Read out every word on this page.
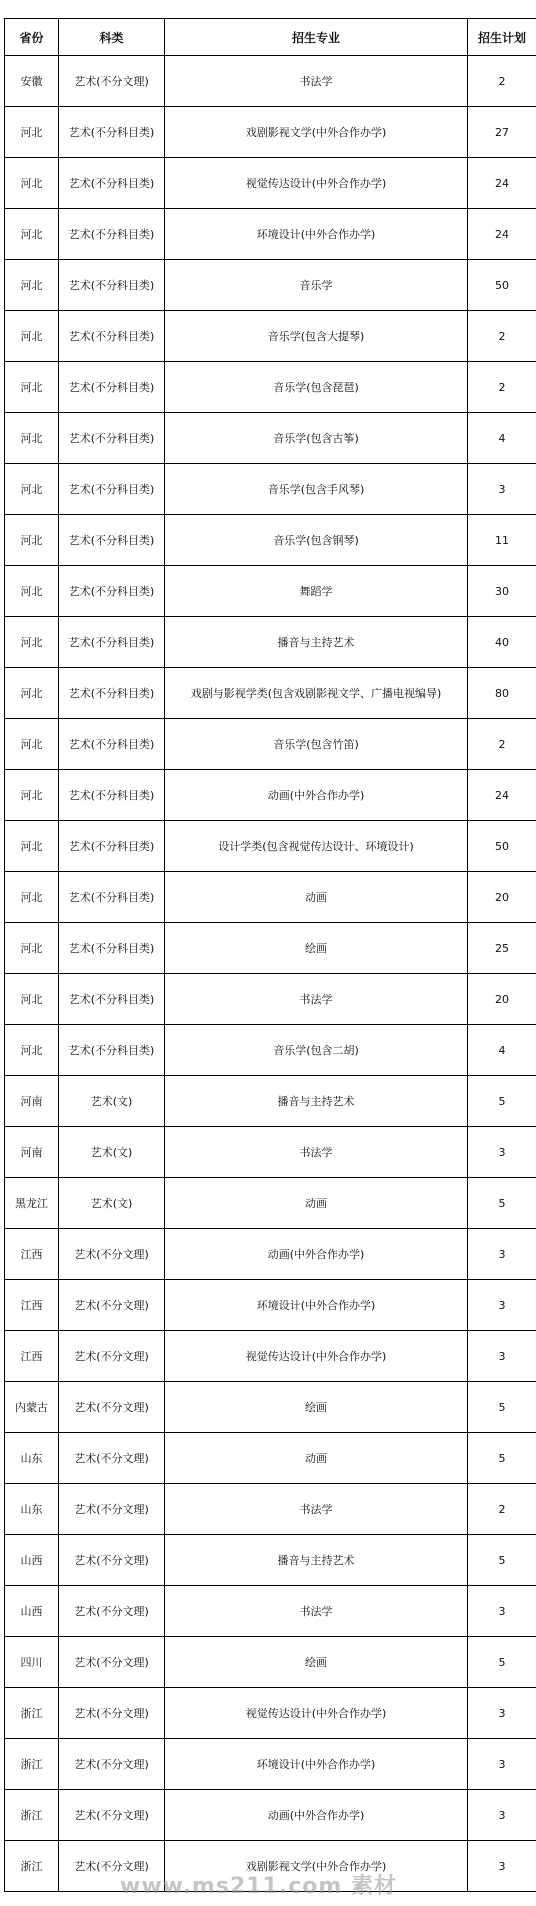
省份	科类	招生专业	招生计划
安徽	艺术(不分文理)	书法学	2
河北	艺术(不分科目类)	戏剧影视文学(中外合作办学)	27
河北	艺术(不分科目类)	视觉传达设计(中外合作办学)	24
河北	艺术(不分科目类)	环境设计(中外合作办学)	24
河北	艺术(不分科目类)	音乐学	50
河北	艺术(不分科目类)	音乐学(包含大提琴)	2
河北	艺术(不分科目类)	音乐学(包含琵琶)	2
河北	艺术(不分科目类)	音乐学(包含古筝)	4
河北	艺术(不分科目类)	音乐学(包含手风琴)	3
河北	艺术(不分科目类)	音乐学(包含钢琴)	11
河北	艺术(不分科目类)	舞蹈学	30
河北	艺术(不分科目类)	播音与主持艺术	40
河北	艺术(不分科目类)	戏剧与影视学类(包含戏剧影视文学、广播电视编导)	80
河北	艺术(不分科目类)	音乐学(包含竹笛)	2
河北	艺术(不分科目类)	动画(中外合作办学)	24
河北	艺术(不分科目类)	设计学类(包含视觉传达设计、环境设计)	50
河北	艺术(不分科目类)	动画	20
河北	艺术(不分科目类)	绘画	25
河北	艺术(不分科目类)	书法学	20
河北	艺术(不分科目类)	音乐学(包含二胡)	4
河南	艺术(文)	播音与主持艺术	5
河南	艺术(文)	书法学	3
黑龙江	艺术(文)	动画	5
江西	艺术(不分文理)	动画(中外合作办学)	3
江西	艺术(不分文理)	环境设计(中外合作办学)	3
江西	艺术(不分文理)	视觉传达设计(中外合作办学)	3
内蒙古	艺术(不分文理)	绘画	5
山东	艺术(不分文理)	动画	5
山东	艺术(不分文理)	书法学	2
山西	艺术(不分文理)	播音与主持艺术	5
山西	艺术(不分文理)	书法学	3
四川	艺术(不分文理)	绘画	5
浙江	艺术(不分文理)	视觉传达设计(中外合作办学)	3
浙江	艺术(不分文理)	环境设计(中外合作办学)	3
浙江	艺术(不分文理)	动画(中外合作办学)	3
浙江	艺术(不分文理)	戏剧影视文学(中外合作办学)	3
www.ms211.com 素材
